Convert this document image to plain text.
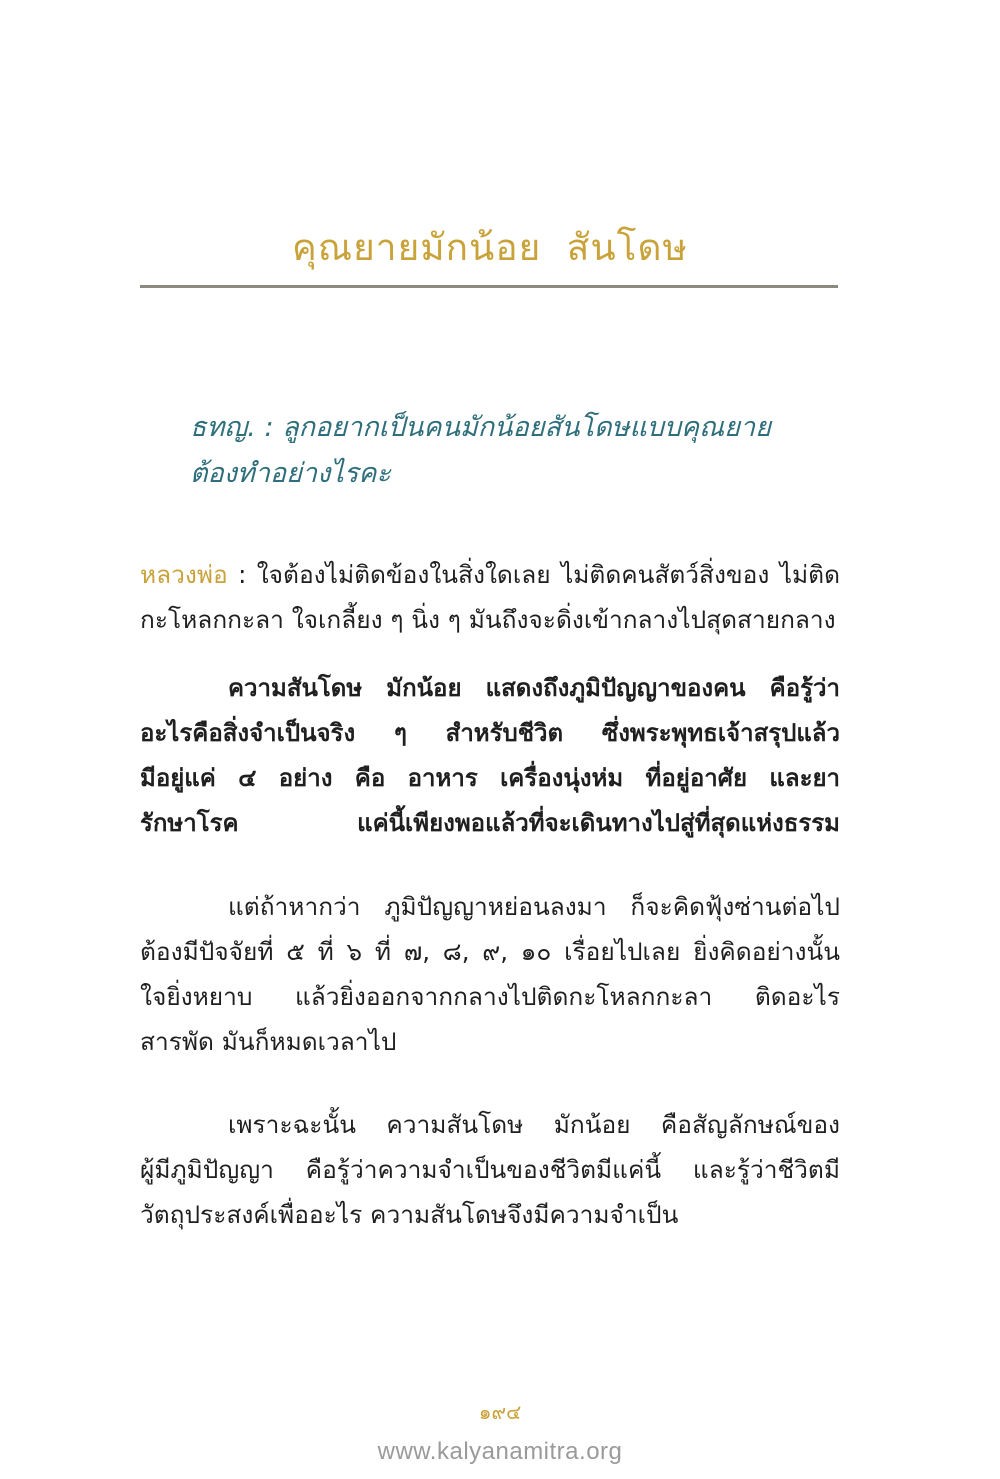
คุณยายมักน้อย  สันโดษ
ธทญ. : ลูกอยากเป็นคนมักน้อยสันโดษแบบคุณยาย
ต้องทำอย่างไรคะ
หลวงพ่อ : ใจต้องไม่ติดข้องในสิ่งใดเลย ไม่ติดคนสัตว์สิ่งของ ไม่ติด
กะโหลกกะลา ใจเกลี้ยง ๆ นิ่ง ๆ มันถึงจะดิ่งเข้ากลางไปสุดสายกลาง
ความสันโดษ มักน้อย แสดงถึงภูมิปัญญาของคน คือรู้ว่า
อะไรคือสิ่งจำเป็นจริง ๆ สำหรับชีวิต ซึ่งพระพุทธเจ้าสรุปแล้ว
มีอยู่แค่ ๔ อย่าง คือ อาหาร เครื่องนุ่งห่ม ที่อยู่อาศัย และยา
รักษาโรค แค่นี้เพียงพอแล้วที่จะเดินทางไปสู่ที่สุดแห่งธรรม
แต่ถ้าหากว่า ภูมิปัญญาหย่อนลงมา ก็จะคิดฟุ้งซ่านต่อไป
ต้องมีปัจจัยที่ ๕ ที่ ๖ ที่ ๗, ๘, ๙, ๑๐ เรื่อยไปเลย ยิ่งคิดอย่างนั้น
ใจยิ่งหยาบ แล้วยิ่งออกจากกลางไปติดกะโหลกกะลา ติดอะไร
สารพัด มันก็หมดเวลาไป
เพราะฉะนั้น ความสันโดษ มักน้อย คือสัญลักษณ์ของ
ผู้มีภูมิปัญญา คือรู้ว่าความจำเป็นของชีวิตมีแค่นี้ และรู้ว่าชีวิตมี
วัตถุประสงค์เพื่ออะไร ความสันโดษจึงมีความจำเป็น
๑๙๔
www.kalyanamitra.org
